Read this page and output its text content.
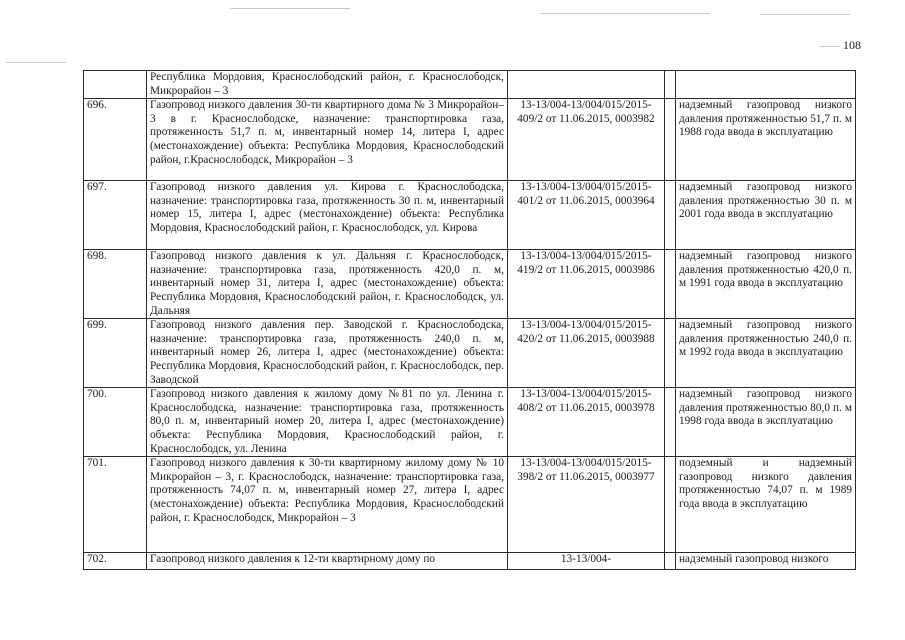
108
	Республика Мордовия, Краснослободский район, г. Краснослободск, Микрорайон – 3			
696.	Газопровод низкого давления 30-ти квартирного дома № 3 Микрорайон–3 в г. Краснослободске, назначение: транспортировка газа, протяженность 51,7 п. м, инвентарный номер 14, литера I, адрес (местонахождение) объекта: Республика Мордовия, Краснослободский район, г.Краснослободск, Микрорайон – 3	13-13/004-13/004/015/2015-409/2 от 11.06.2015, 0003982		надземный газопровод низкого давления протяженностью 51,7 п. м 1988 года ввода в эксплуатацию
697.	Газопровод низкого давления ул. Кирова г. Краснослободска, назначение: транспортировка газа, протяженность 30 п. м, инвентарный номер 15, литера I, адрес (местонахождение) объекта: Республика Мордовия, Краснослободский район, г. Краснослободск, ул. Кирова	13-13/004-13/004/015/2015-401/2 от 11.06.2015, 0003964		надземный газопровод низкого давления протяженностью 30 п. м 2001 года ввода в эксплуатацию
698.	Газопровод низкого давления к ул. Дальняя г. Краснослободск, назначение: транспортировка газа, протяженность 420,0 п. м, инвентарный номер 31, литера I, адрес (местонахождение) объекта: Республика Мордовия, Краснослободский район, г. Краснослободск, ул. Дальняя	13-13/004-13/004/015/2015-419/2 от 11.06.2015, 0003986		надземный газопровод низкого давления протяженностью 420,0 п. м 1991 года ввода в эксплуатацию
699.	Газопровод низкого давления пер. Заводской г. Краснослободска, назначение: транспортировка газа, протяженность 240,0 п. м, инвентарный номер 26, литера I, адрес (местонахождение) объекта: Республика Мордовия, Краснослободский район, г. Краснослободск, пер. Заводской	13-13/004-13/004/015/2015-420/2 от 11.06.2015, 0003988		надземный газопровод низкого давления протяженностью 240,0 п. м 1992 года ввода в эксплуатацию
700.	Газопровод низкого давления к жилому дому №81 по ул. Ленина г. Краснослободска, назначение: транспортировка газа, протяженность 80,0 п. м, инвентарный номер 20, литера I, адрес (местонахождение) объекта: Республика Мордовия, Краснослободский район, г. Краснослободск, ул. Ленина	13-13/004-13/004/015/2015-408/2 от 11.06.2015, 0003978		надземный газопровод низкого давления протяженностью 80,0 п. м 1998 года ввода в эксплуатацию
701.	Газопровод низкого давления к 30-ти квартирному жилому дому № 10 Микрорайон – 3, г. Краснослободск, назначение: транспортировка газа, протяженность 74,07 п. м, инвентарный номер 27, литера I, адрес (местонахождение) объекта: Республика Мордовия, Краснослободский район, г. Краснослободск, Микрорайон – 3	13-13/004-13/004/015/2015-398/2 от 11.06.2015, 0003977		подземный и надземный газопровод низкого давления протяженностью 74,07 п. м 1989 года ввода в эксплуатацию
702.	Газопровод низкого давления к 12-ти квартирному дому по	13-13/004-		надземный газопровод низкого
